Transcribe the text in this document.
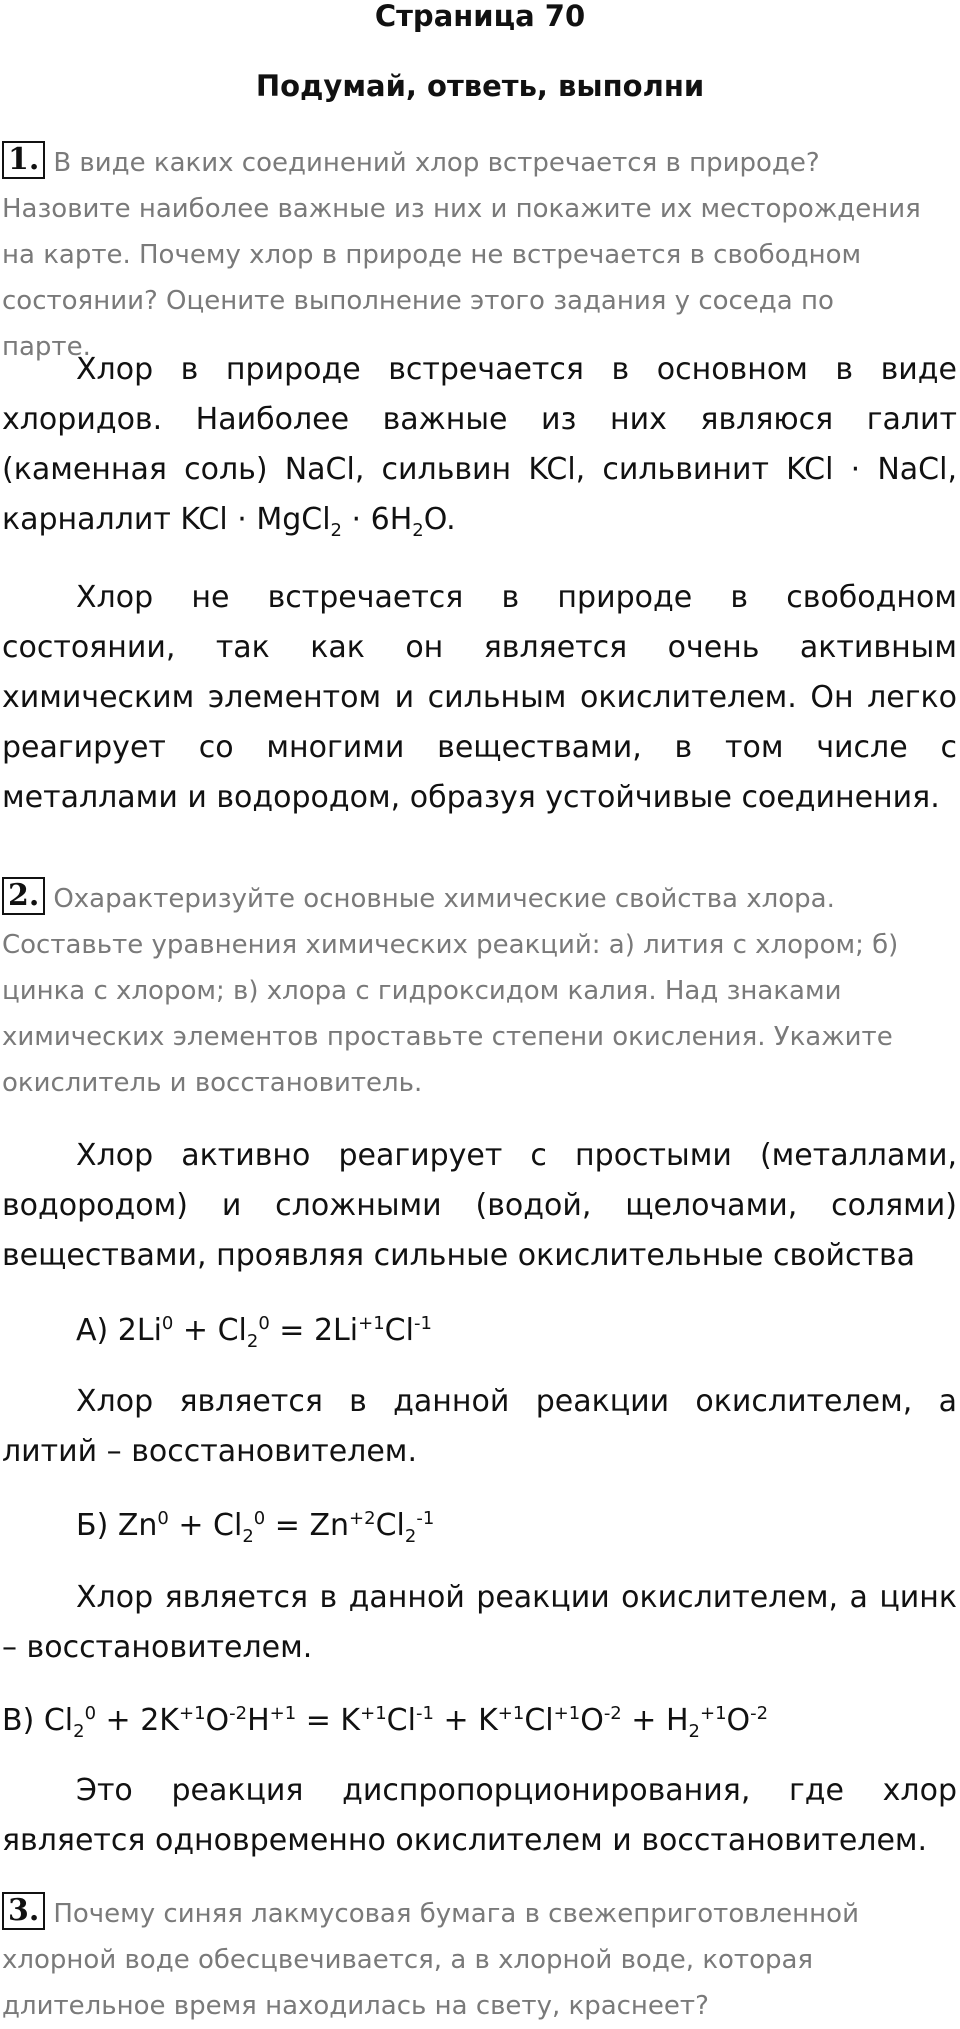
Страница 70
Подумай, ответь, выполни
1. В виде каких соединений хлор встречается в природе? Назовите наиболее важные из них и покажите их месторождения на карте. Почему хлор в природе не встречается в свободном состоянии? Оцените выполнение этого задания у соседа по парте.
Хлор в природе встречается в основном в виде хлоридов. Наиболее важные из них являюся галит (каменная соль) NaCl, сильвин KCl, сильвинит KCl · NaCl, карналлит KCl · MgCl$_2$ · $6H_2O$.
Хлор не встречается в природе в свободном состоянии, так как он является очень активным химическим элементом и сильным окислителем. Он легко реагирует со многими веществами, в том числе с металлами и водородом, образуя устойчивые соединения.
2. Охарактеризуйте основные химические свойства хлора. Составьте уравнения химических реакций: а) лития с хлором; б) цинка с хлором; в) хлора с гидроксидом калия. Над знаками химических элементов проставьте степени окисления. Укажите окислитель и восстановитель.
Хлор активно реагирует с простыми (металлами, водородом) и сложными (водой, щелочами, солями) веществами, проявляя сильные окислительные свойства
А) $2Li^0 + Cl_2^0 = 2Li^{+1}Cl^{-1}$
Хлор является в данной реакции окислителем, а литий – восстановителем.
Б) $Zn^0 + Cl_2^0 = Zn^{+2}Cl_2^{-1}$
Хлор является в данной реакции окислителем, а цинк – восстановителем.
В) $Cl_2^0 + 2K^{+1}O^{-2}H^{+1} = K^{+1}Cl^{-1} + K^{+1}Cl^{+1}O^{-2} + H_2^{+1}O^{-2}$
Это реакция диспропорционирования, где хлор является одновременно окислителем и восстановителем.
3. Почему синяя лакмусовая бумага в свежеприготовленной хлорной воде обесцвечивается, а в хлорной воде, которая длительное время находилась на свету, краснеет?
